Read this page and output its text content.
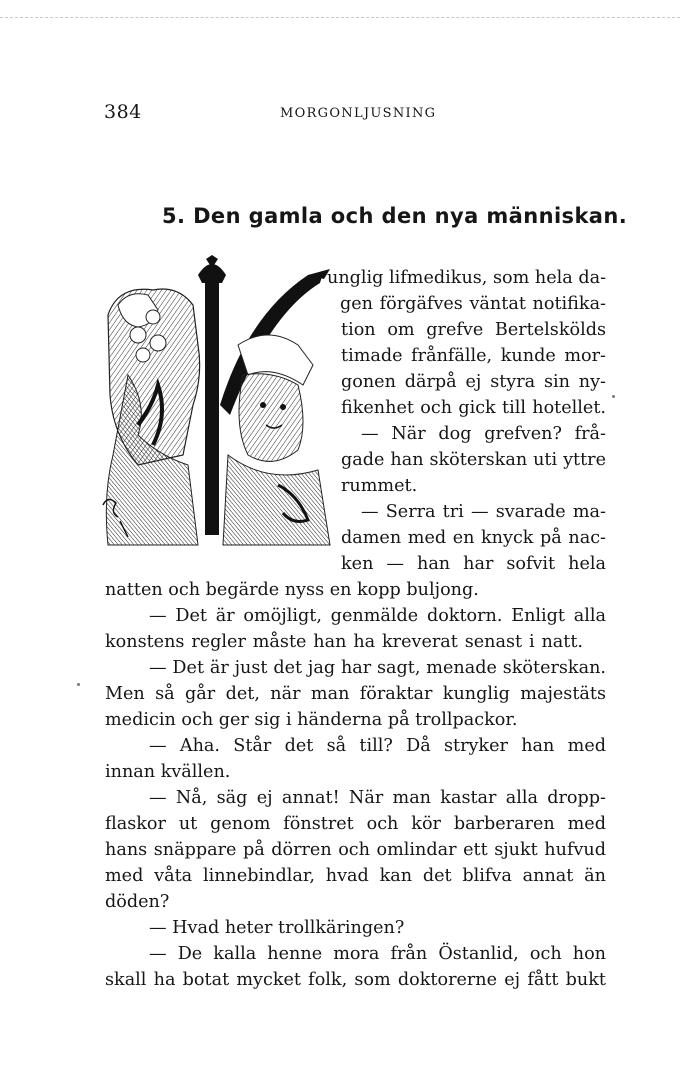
384	MORGONLJUSNING
5. Den gamla och den nya människan.
unglig lifmedikus, som hela da-
gen förgäfves väntat notifika-
tion om grefve Bertelskölds
timade frånfälle, kunde mor-
gonen därpå ej styra sin ny-
fikenhet och gick till hotellet.
— När dog grefven? frå-
gade han sköterskan uti yttre
rummet.
— Serra tri — svarade ma-
damen med en knyck på nac-
ken — han har sofvit hela
natten och begärde nyss en kopp buljong.
— Det är omöjligt, genmälde doktorn. Enligt alla
konstens regler måste han ha kreverat senast i natt.
— Det är just det jag har sagt, menade sköterskan.
Men så går det, när man föraktar kunglig majestäts
medicin och ger sig i händerna på trollpackor.
— Aha. Står det så till? Då stryker han med
innan kvällen.
— Nå, säg ej annat! När man kastar alla dropp-
flaskor ut genom fönstret och kör barberaren med
hans snäppare på dörren och omlindar ett sjukt hufvud
med våta linnebindlar, hvad kan det blifva annat än
döden?
— Hvad heter trollkäringen?
— De kalla henne mora från Östanlid, och hon
skall ha botat mycket folk, som doktorerne ej fått bukt
